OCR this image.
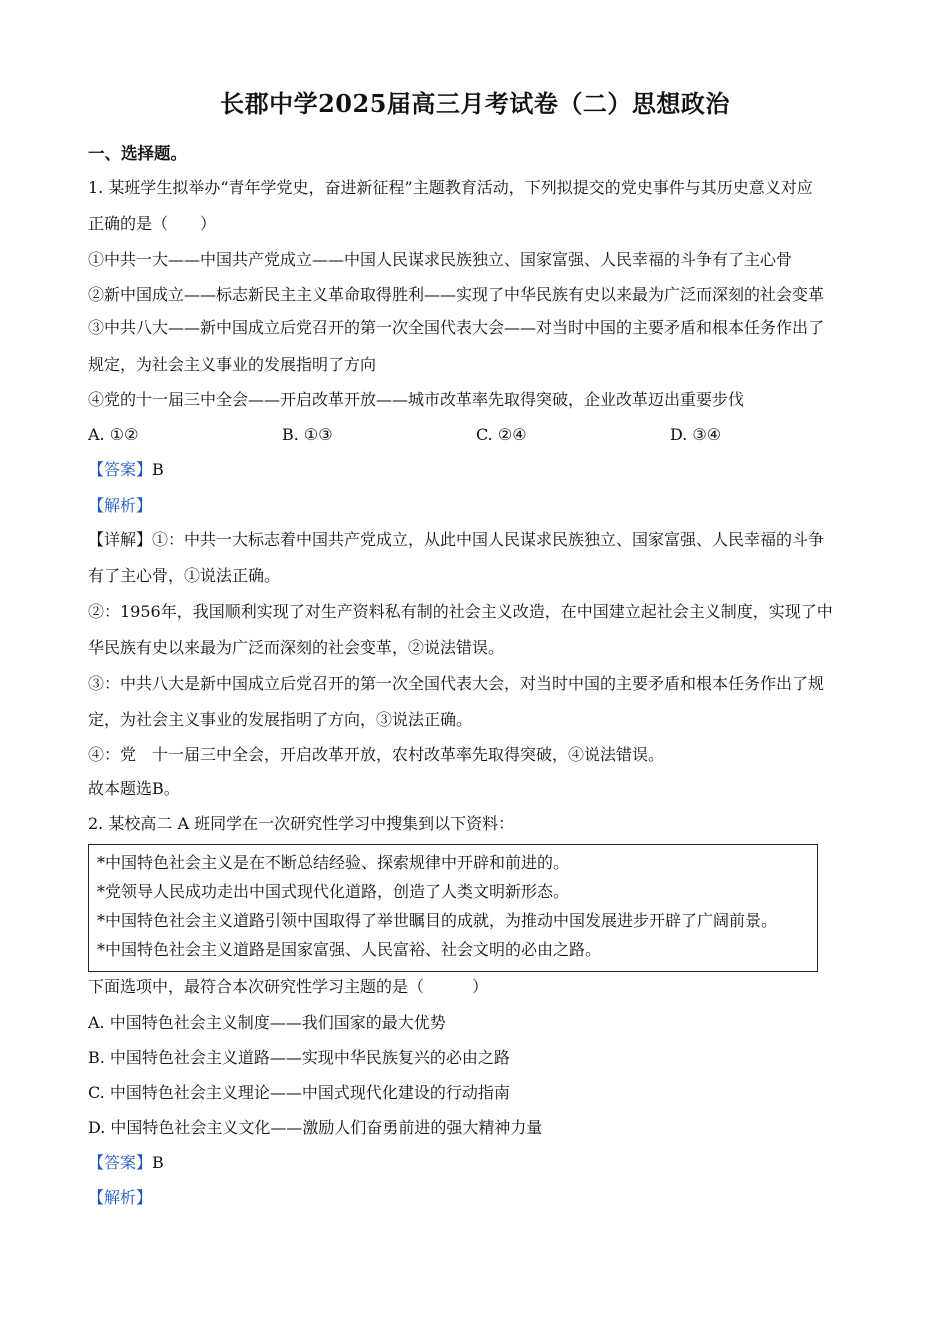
长郡中学2025届高三月考试卷（二）思想政治
一、选择题。
1. 某班学生拟举办“青年学党史，奋进新征程”主题教育活动，下列拟提交的党史事件与其历史意义对应
正确的是（　　）
①中共一大——中国共产党成立——中国人民谋求民族独立、国家富强、人民幸福的斗争有了主心骨
②新中国成立——标志新民主主义革命取得胜利——实现了中华民族有史以来最为广泛而深刻的社会变革
③中共八大——新中国成立后党召开的第一次全国代表大会——对当时中国的主要矛盾和根本任务作出了
规定，为社会主义事业的发展指明了方向
④党的十一届三中全会——开启改革开放——城市改革率先取得突破，企业改革迈出重要步伐
A. ①②	B. ①③	C. ②④	D. ③④
【答案】B
【解析】
【详解】①：中共一大标志着中国共产党成立，从此中国人民谋求民族独立、国家富强、人民幸福的斗争
有了主心骨，①说法正确。
②：1956年，我国顺利实现了对生产资料私有制的社会主义改造，在中国建立起社会主义制度，实现了中
华民族有史以来最为广泛而深刻的社会变革，②说法错误。
③：中共八大是新中国成立后党召开的第一次全国代表大会，对当时中国的主要矛盾和根本任务作出了规
定，为社会主义事业的发展指明了方向，③说法正确。
④：党　十一届三中全会，开启改革开放，农村改革率先取得突破，④说法错误。
故本题选B。
2. 某校高二 A 班同学在一次研究性学习中搜集到以下资料：
*中国特色社会主义是在不断总结经验、探索规律中开辟和前进的。
*党领导人民成功走出中国式现代化道路，创造了人类文明新形态。
*中国特色社会主义道路引领中国取得了举世瞩目的成就，为推动中国发展进步开辟了广阔前景。
*中国特色社会主义道路是国家富强、人民富裕、社会文明的必由之路。
下面选项中，最符合本次研究性学习主题的是（　　　）
A. 中国特色社会主义制度——我们国家的最大优势
B. 中国特色社会主义道路——实现中华民族复兴的必由之路
C. 中国特色社会主义理论——中国式现代化建设的行动指南
D. 中国特色社会主义文化——激励人们奋勇前进的强大精神力量
【答案】B
【解析】
